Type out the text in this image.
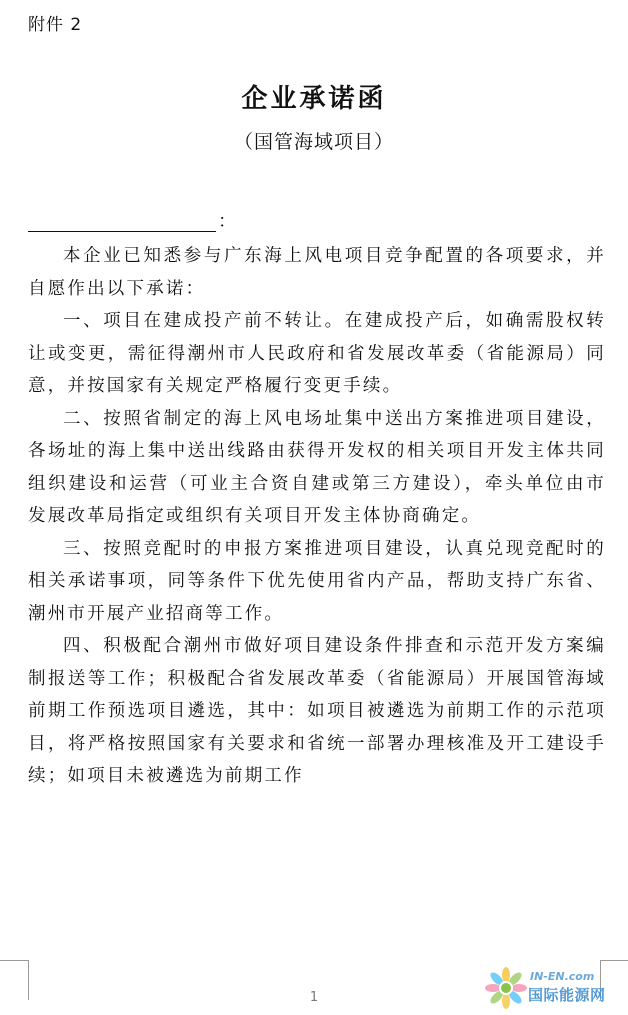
附件 2
企业承诺函
（国管海域项目）
：

本企业已知悉参与广东海上风电项目竞争配置的各项要求，并自愿作出以下承诺：

一、项目在建成投产前不转让。在建成投产后，如确需股权转让或变更，需征得潮州市人民政府和省发展改革委（省能源局）同意，并按国家有关规定严格履行变更手续。

二、按照省制定的海上风电场址集中送出方案推进项目建设，各场址的海上集中送出线路由获得开发权的相关项目开发主体共同组织建设和运营（可业主合资自建或第三方建设），牵头单位由市发展改革局指定或组织有关项目开发主体协商确定。

三、按照竞配时的申报方案推进项目建设，认真兑现竞配时的相关承诺事项，同等条件下优先使用省内产品，帮助支持广东省、潮州市开展产业招商等工作。

四、积极配合潮州市做好项目建设条件排查和示范开发方案编制报送等工作；积极配合省发展改革委（省能源局）开展国管海域前期工作预选项目遴选，其中：如项目被遴选为前期工作的示范项目，将严格按照国家有关要求和省统一部署办理核准及开工建设手续；如项目未被遴选为前期工作

1
IN-EN.com
国际能源网
